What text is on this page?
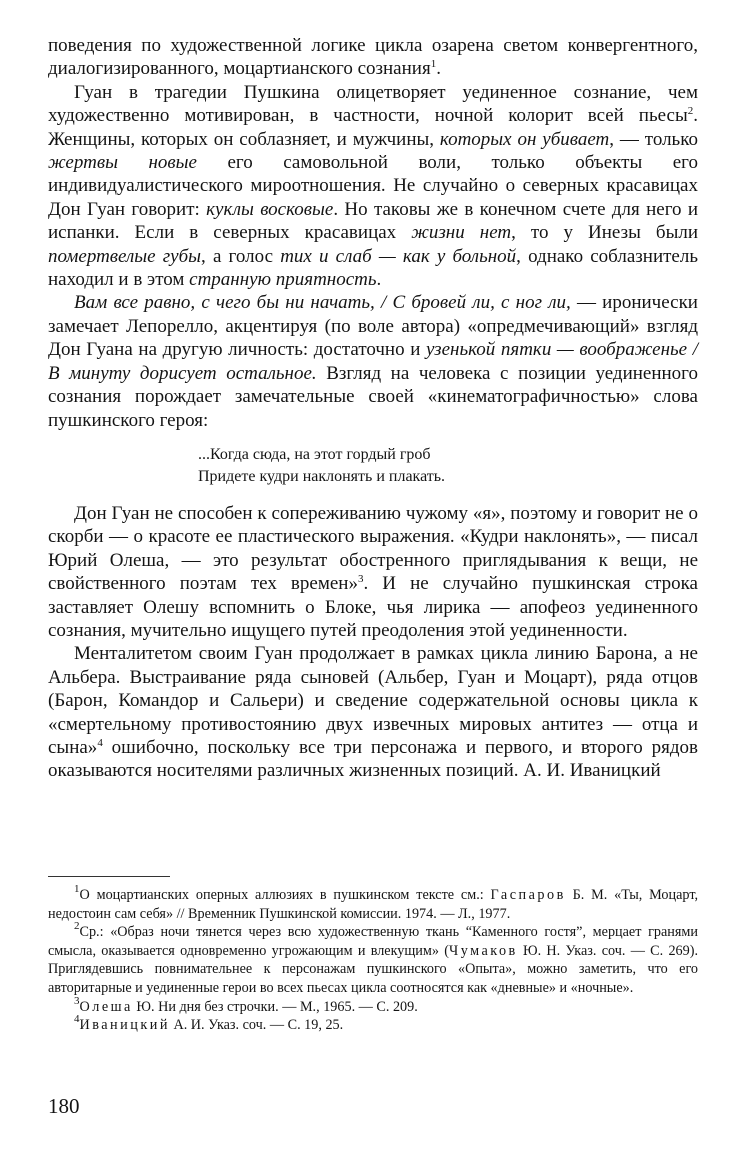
поведения по художественной логике цикла озарена светом конвергентного, диалогизированного, моцартианского сознания$^1$.

Гуан в трагедии Пушкина олицетворяет уединенное сознание, чем художественно мотивирован, в частности, ночной колорит всей пьесы$^2$. Женщины, которых он соблазняет, и мужчины, которых он убивает, — только жертвы новые его самовольной воли, только объекты его индивидуалистического мироотношения. Не случайно о северных красавицах Дон Гуан говорит: куклы восковые. Но таковы же в конечном счете для него и испанки. Если в северных красавицах жизни нет, то у Инезы были помертвелые губы, а голос тих и слаб — как у больной, однако соблазнитель находил и в этом странную приятность.

Вам все равно, с чего бы ни начать, / С бровей ли, с ног ли, — иронически замечает Лепорелло, акцентируя (по воле автора) «опредмечивающий» взгляд Дон Гуана на другую личность: достаточно и узенькой пятки — воображенье / В минуту дорисует остальное. Взгляд на человека с позиции уединенного сознания порождает замечательные своей «кинематографичностью» слова пушкинского героя:

...Когда сюда, на этот гордый гроб
Придете кудри наклонять и плакать.

Дон Гуан не способен к сопереживанию чужому «я», поэтому и говорит не о скорби — о красоте ее пластического выражения. «Кудри наклонять», — писал Юрий Олеша, — это результат обостренного приглядывания к вещи, не свойственного поэтам тех времен»$^3$. И не случайно пушкинская строка заставляет Олешу вспомнить о Блоке, чья лирика — апофеоз уединенного сознания, мучительно ищущего путей преодоления этой уединенности.

Менталитетом своим Гуан продолжает в рамках цикла линию Барона, а не Альбера. Выстраивание ряда сыновей (Альбер, Гуан и Моцарт), ряда отцов (Барон, Командор и Сальери) и сведение содержательной основы цикла к «смертельному противостоянию двух извечных мировых антитез — отца и сына»$^4$ ошибочно, поскольку все три персонажа и первого, и второго рядов оказываются носителями различных жизненных позиций. А. И. Иваницкий

$^1$О моцартианских оперных аллюзиях в пушкинском тексте см.: Гаспаров Б. М. «Ты, Моцарт, недостоин сам себя» // Временник Пушкинской комиссии. 1974. — Л., 1977.

$^2$Ср.: «Образ ночи тянется через всю художественную ткань “Каменного гостя”, мерцает гранями смысла, оказывается одновременно угрожающим и влекущим» (Чумаков Ю. Н. Указ. соч. — С. 269). Приглядевшись повнимательнее к персонажам пушкинского «Опыта», можно заметить, что его авторитарные и уединенные герои во всех пьесах цикла соотносятся как «дневные» и «ночные».

$^3$Олеша Ю. Ни дня без строчки. — М., 1965. — С. 209.

$^4$Иваницкий А. И. Указ. соч. — С. 19, 25.

180
